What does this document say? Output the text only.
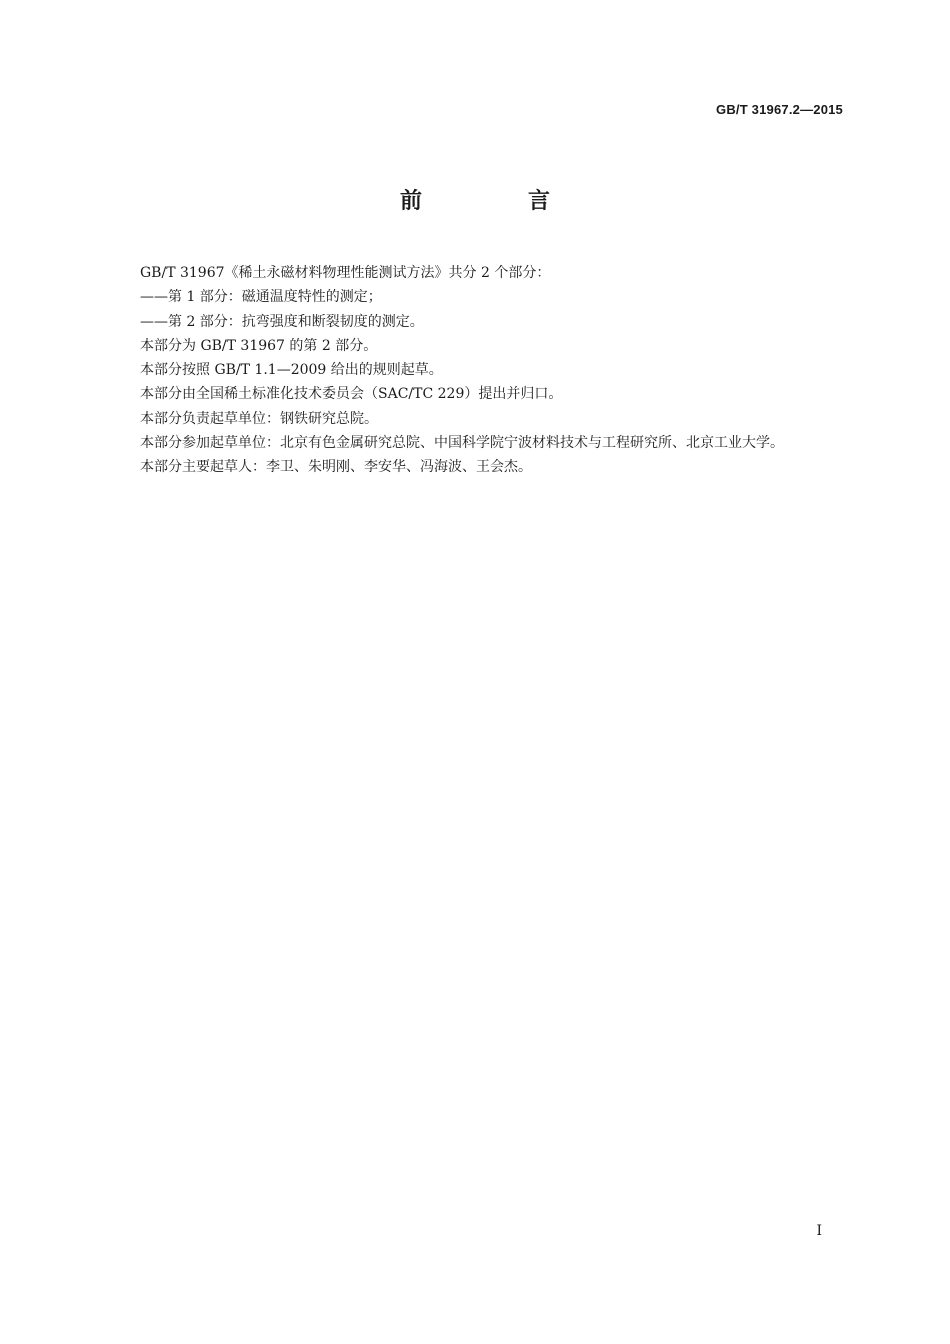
GB/T 31967.2—2015
前　言

GB/T 31967《稀土永磁材料物理性能测试方法》共分 2 个部分：

——第 1 部分：磁通温度特性的测定；

——第 2 部分：抗弯强度和断裂韧度的测定。

本部分为 GB/T 31967 的第 2 部分。

本部分按照 GB/T 1.1—2009 给出的规则起草。

本部分由全国稀土标准化技术委员会（SAC/TC 229）提出并归口。

本部分负责起草单位：钢铁研究总院。

本部分参加起草单位：北京有色金属研究总院、中国科学院宁波材料技术与工程研究所、北京工业大学。

本部分主要起草人：李卫、朱明刚、李安华、冯海波、王会杰。

I
